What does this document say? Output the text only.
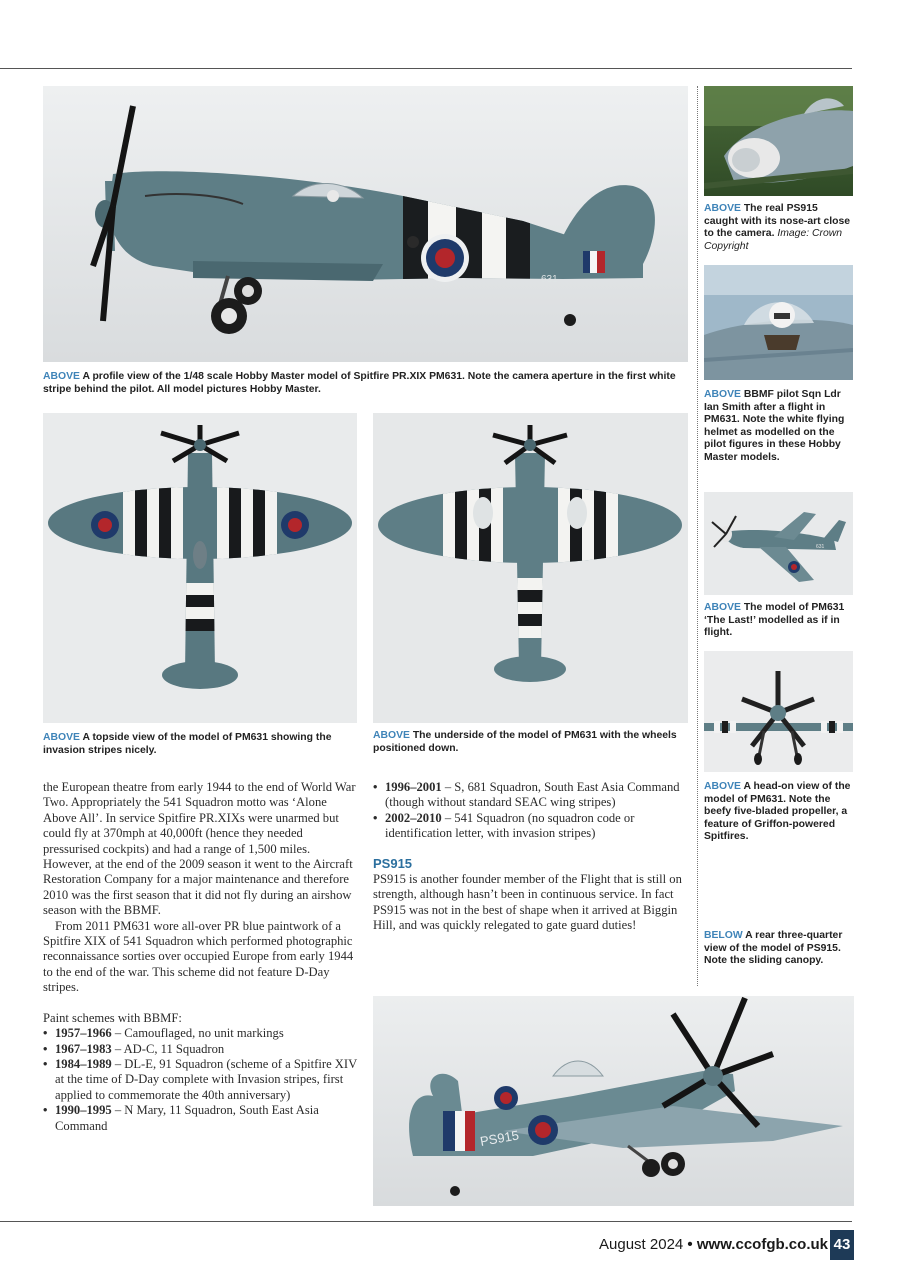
631
ABOVE A profile view of the 1/48 scale Hobby Master model of Spitfire PR.XIX PM631. Note the camera aperture in the first white stripe behind the pilot. All model pictures Hobby Master.
ABOVE A topside view of the model of PM631 showing the invasion stripes nicely.
ABOVE The underside of the model of PM631 with the wheels positioned down.

the European theatre from early 1944 to the end of World War Two. Appropriately the 541 Squadron motto was ‘Alone Above All’. In service Spitfire PR.XIXs were unarmed but could fly at 370mph at 40,000ft (hence they needed pressurised cockpits) and had a range of 1,500 miles. However, at the end of the 2009 season it went to the Aircraft Restoration Company for a major maintenance and therefore 2010 was the first season that it did not fly during an airshow season with the BBMF.

From 2011 PM631 wore all-over PR blue paintwork of a Spitfire XIX of 541 Squadron which performed photographic reconnaissance sorties over occupied Europe from early 1944 to the end of the war. This scheme did not feature D-Day stripes.

Paint schemes with BBMF:

• 1957–1966 – Camouflaged, no unit markings
• 1967–1983 – AD-C, 11 Squadron
• 1984–1989 – DL-E, 91 Squadron (scheme of a Spitfire XIV at the time of D-Day complete with Invasion stripes, first applied to commemorate the 40th anniversary)
• 1990–1995 – N Mary, 11 Squadron, South East Asia Command
• 1996–2001 – S, 681 Squadron, South East Asia Command (though without standard SEAC wing stripes)
• 2002–2010 – 541 Squadron (no squadron code or identification letter, with invasion stripes)
PS915

PS915 is another founder member of the Flight that is still on strength, although hasn’t been in continuous service. In fact PS915 was not in the best of shape when it arrived at Biggin Hill, and was quickly relegated to gate guard duties!

ABOVE The real PS915 caught with its nose-art close to the camera. Image: Crown Copyright
ABOVE BBMF pilot Sqn Ldr Ian Smith after a flight in PM631. Note the white flying helmet as modelled on the pilot figures in these Hobby Master models.
631
ABOVE The model of PM631 ‘The Last!’ modelled as if in flight.
ABOVE A head-on view of the model of PM631. Note the beefy five-bladed propeller, a feature of Griffon-powered Spitfires.
BELOW A rear three-quarter view of the model of PS915. Note the sliding canopy.
PS915
August 2024 • www.ccofgb.co.uk 43
